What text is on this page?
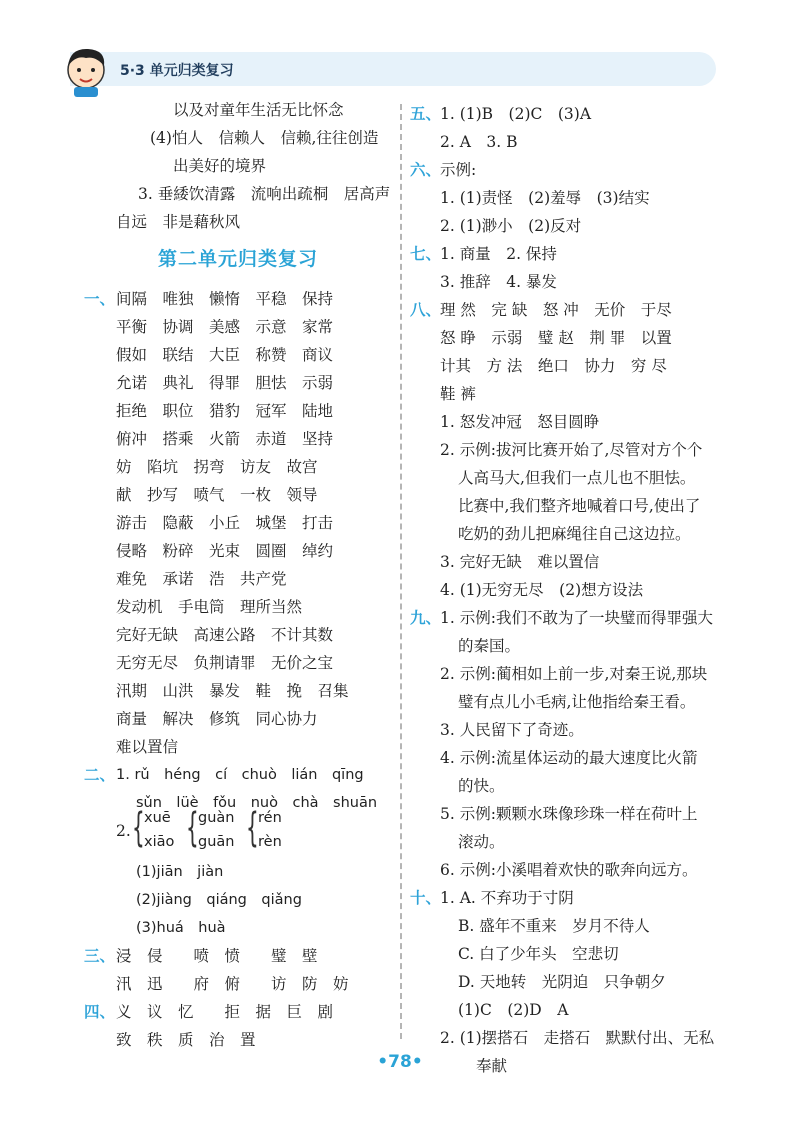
5·3 单元归类复习
以及对童年生活无比怀念
(4)怕人　信赖人　信赖,往往创造
出美好的境界
3. 垂緌饮清露　流响出疏桐　居高声
自远　非是藉秋风
第二单元归类复习
一、 间隔　唯独　懒惰　平稳　保持
平衡　协调　美感　示意　家常
假如　联结　大臣　称赞　商议
允诺　典礼　得罪　胆怯　示弱
拒绝　职位　猎豹　冠军　陆地
俯冲　搭乘　火箭　赤道　坚持
妨　陷坑　拐弯　访友　故宫
献　抄写　喷气　一枚　领导
游击　隐蔽　小丘　城堡　打击
侵略　粉碎　光束　圆圈　绰约
难免　承诺　浩　共产党
发动机　手电筒　理所当然
完好无缺　高速公路　不计其数
无穷无尽　负荆请罪　无价之宝
汛期　山洪　暴发　鞋　挽　召集
商量　解决　修筑　同心协力
难以置信
二、 1. rǔ　héng　cí　chuò　lián　qīng
sǔn　lüè　fǒu　nuò　chà　shuān
2. { xuē
xiāo { guàn
guān { rén
rèn
(1)jiān　jiàn
(2)jiàng　qiáng　qiǎng
(3)huá　huà
三、 浸　侵　　喷　愤　　璧　壁
汛　迅　　府　俯　　访　防　妨
四、 义　议　忆　　拒　据　巨　剧
致　秩　质　治　置
五、
1. (1)B　(2)C　(3)A
2. A　3. B
六、
示例:
1. (1)责怪　(2)羞辱　(3)结实
2. (1)渺小　(2)反对
七、
1. 商量　2. 保持
3. 推辞　4. 暴发
八、
理 然　完 缺　怒 冲　无价　于尽
怒 睁　示弱　璧 赵　荆 罪　以置
计其　方 法　绝口　协力　穷 尽
鞋 裤
1. 怒发冲冠　怒目圆睁
2. 示例:拔河比赛开始了,尽管对方个个
人高马大,但我们一点儿也不胆怯。
比赛中,我们整齐地喊着口号,使出了
吃奶的劲儿把麻绳往自己这边拉。
3. 完好无缺　难以置信
4. (1)无穷无尽　(2)想方设法
九、
1. 示例:我们不敢为了一块璧而得罪强大
的秦国。
2. 示例:蔺相如上前一步,对秦王说,那块
璧有点儿小毛病,让他指给秦王看。
3. 人民留下了奇迹。
4. 示例:流星体运动的最大速度比火箭
的快。
5. 示例:颗颗水珠像珍珠一样在荷叶上
滚动。
6. 示例:小溪唱着欢快的歌奔向远方。
十、
1. A. 不弃功于寸阴
B. 盛年不重来　岁月不待人
C. 白了少年头　空悲切
D. 天地转　光阴迫　只争朝夕
(1)C　(2)D　A
2. (1)摆搭石　走搭石　默默付出、无私
奉献
•78•
